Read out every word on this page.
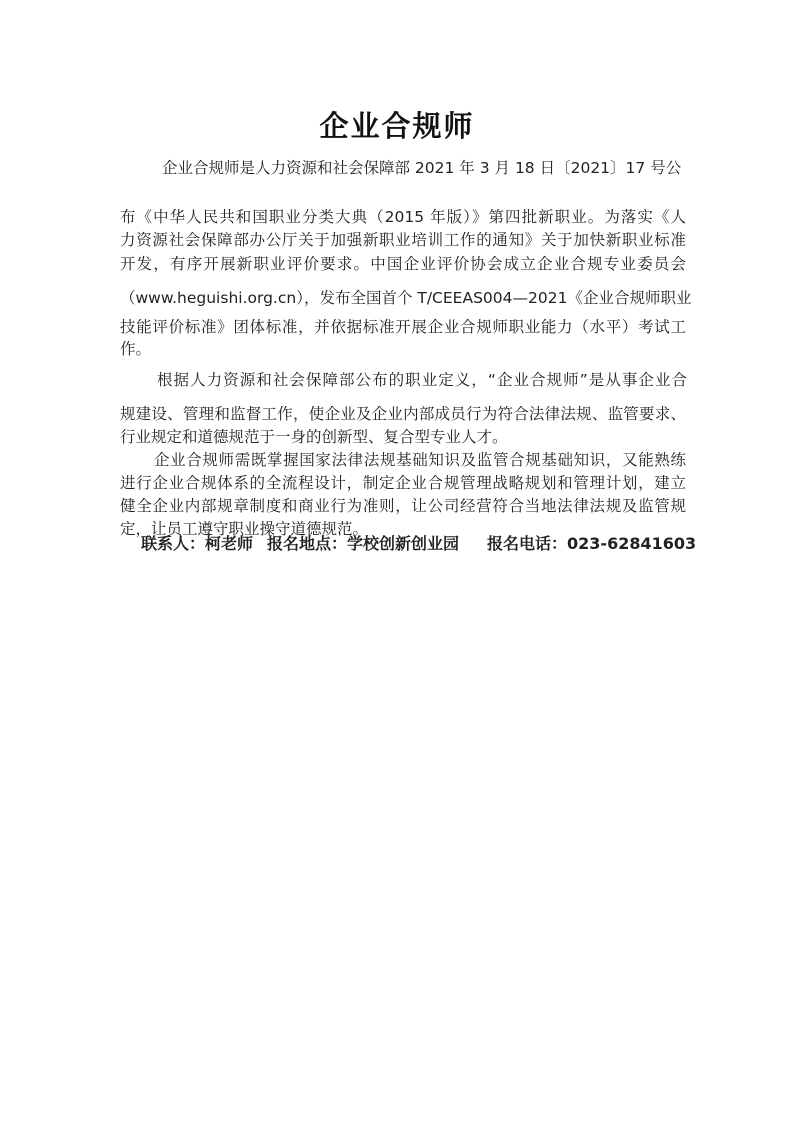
企业合规师
企业合规师是人力资源和社会保障部 2021 年 3 月 18 日〔2021〕17 号公
布《中华人民共和国职业分类大典（2015 年版）》第四批新职业。为落实《人
力资源社会保障部办公厅关于加强新职业培训工作的通知》关于加快新职业标准
开发，有序开展新职业评价要求。中国企业评价协会成立企业合规专业委员会
（www.heguishi.org.cn），发布全国首个 T/CEEAS004—2021《企业合规师职业
技能评价标准》团体标准，并依据标准开展企业合规师职业能力（水平）考试工
作。
根据人力资源和社会保障部公布的职业定义，“企业合规师”是从事企业合
规建设、管理和监督工作，使企业及企业内部成员行为符合法律法规、监管要求、
行业规定和道德规范于一身的创新型、复合型专业人才。
企业合规师需既掌握国家法律法规基础知识及监管合规基础知识，又能熟练
进行企业合规体系的全流程设计，制定企业合规管理战略规划和管理计划，建立
健全企业内部规章制度和商业行为准则，让公司经营符合当地法律法规及监管规
定，让员工遵守职业操守道德规范。
联系人：柯老师 报名地点：学校创新创业园 报名电话：023-62841603
